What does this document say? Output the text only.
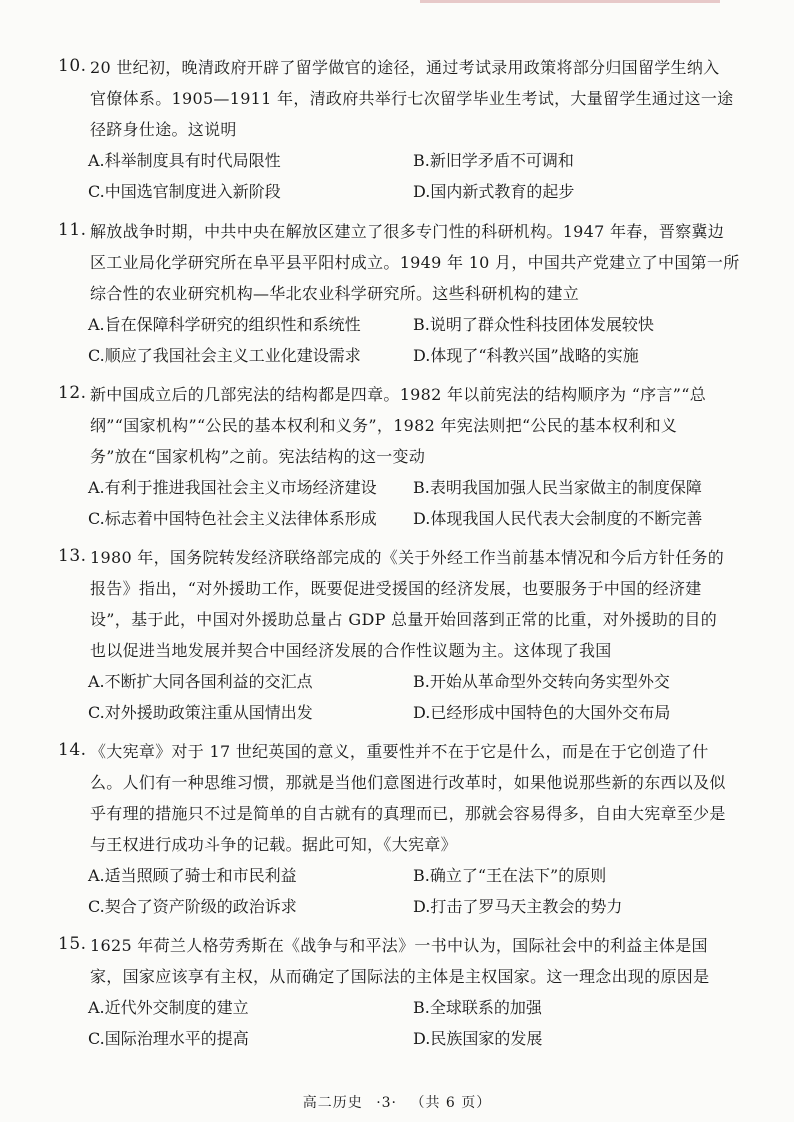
10. 20 世纪初，晚清政府开辟了留学做官的途径，通过考试录用政策将部分归国留学生纳入
官僚体系。1905—1911 年，清政府共举行七次留学毕业生考试，大量留学生通过这一途
径跻身仕途。这说明
A.科举制度具有时代局限性	B.新旧学矛盾不可调和
C.中国选官制度进入新阶段	D.国内新式教育的起步
11. 解放战争时期，中共中央在解放区建立了很多专门性的科研机构。1947 年春，晋察冀边
区工业局化学研究所在阜平县平阳村成立。1949 年 10 月，中国共产党建立了中国第一所
综合性的农业研究机构—华北农业科学研究所。这些科研机构的建立
A.旨在保障科学研究的组织性和系统性	B.说明了群众性科技团体发展较快
C.顺应了我国社会主义工业化建设需求	D.体现了“科教兴国”战略的实施
12. 新中国成立后的几部宪法的结构都是四章。1982 年以前宪法的结构顺序为 “序言”“总
纲”“国家机构”“公民的基本权利和义务”，1982 年宪法则把“公民的基本权利和义
务”放在“国家机构”之前。宪法结构的这一变动
A.有利于推进我国社会主义市场经济建设	B.表明我国加强人民当家做主的制度保障
C.标志着中国特色社会主义法律体系形成	D.体现我国人民代表大会制度的不断完善
13. 1980 年，国务院转发经济联络部完成的《关于外经工作当前基本情况和今后方针任务的
报告》指出，“对外援助工作，既要促进受援国的经济发展，也要服务于中国的经济建
设”，基于此，中国对外援助总量占 GDP 总量开始回落到正常的比重，对外援助的目的
也以促进当地发展并契合中国经济发展的合作性议题为主。这体现了我国
A.不断扩大同各国利益的交汇点	B.开始从革命型外交转向务实型外交
C.对外援助政策注重从国情出发	D.已经形成中国特色的大国外交布局
14. 《大宪章》对于 17 世纪英国的意义，重要性并不在于它是什么，而是在于它创造了什
么。人们有一种思维习惯，那就是当他们意图进行改革时，如果他说那些新的东西以及似
乎有理的措施只不过是简单的自古就有的真理而已，那就会容易得多，自由大宪章至少是
与王权进行成功斗争的记载。据此可知，《大宪章》
A.适当照顾了骑士和市民利益	B.确立了“王在法下”的原则
C.契合了资产阶级的政治诉求	D.打击了罗马天主教会的势力
15. 1625 年荷兰人格劳秀斯在《战争与和平法》一书中认为，国际社会中的利益主体是国
家，国家应该享有主权，从而确定了国际法的主体是主权国家。这一理念出现的原因是
A.近代外交制度的建立	B.全球联系的加强
C.国际治理水平的提高	D.民族国家的发展
高二历史 ·3· （共 6 页）
